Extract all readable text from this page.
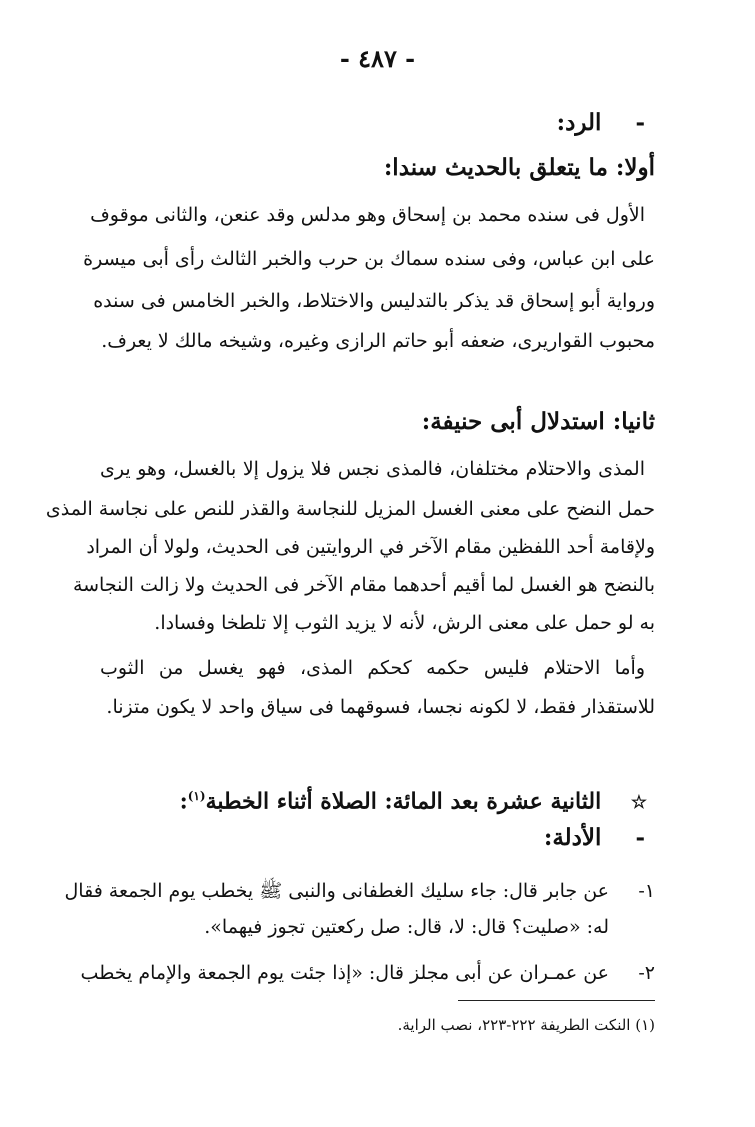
- ٤٨٧ -
- الرد:
أولا: ما يتعلق بالحديث سندا:
الأول فى سنده محمد بن إسحاق وهو مدلس وقد عنعن، والثانى موقوف
على ابن عباس، وفى سنده سماك بن حرب والخبر الثالث رأى أبى ميسرة
ورواية أبو إسحاق قد يذكر بالتدليس والاختلاط، والخبر الخامس فى سنده
محبوب القواريرى، ضعفه أبو حاتم الرازى وغيره، وشيخه مالك لا يعرف.
ثانيا: استدلال أبى حنيفة:
المذى والاحتلام مختلفان، فالمذى نجس فلا يزول إلا بالغسل، وهو يرى
حمل النضح على معنى الغسل المزيل للنجاسة والقذر للنص على نجاسة المذى
ولإقامة أحد اللفظين مقام الآخر في الروايتين فى الحديث، ولولا أن المراد
بالنضح هو الغسل لما أقيم أحدهما مقام الآخر فى الحديث ولا زالت النجاسة
به لو حمل على معنى الرش، لأنه لا يزيد الثوب إلا تلطخا وفسادا.
وأما الاحتلام فليس حكمه كحكم المذى، فهو يغسل من الثوب
للاستقذار فقط، لا لكونه نجسا، فسوقهما فى سياق واحد لا يكون متزنا.
☆ الثانية عشرة بعد المائة: الصلاة أثناء الخطبة$^{(١)}$:
- الأدلة:
١-عن جابر قال: جاء سليك الغطفانى والنبى ﷺ يخطب يوم الجمعة فقال
له: «صليت؟ قال: لا، قال: صل ركعتين تجوز فيهما».
٢-عن عمـران عن أبى مجلز قال: «إذا جئت يوم الجمعة والإمام يخطب
(١) النكت الطريفة ٢٢٢-٢٢٣، نصب الراية.
